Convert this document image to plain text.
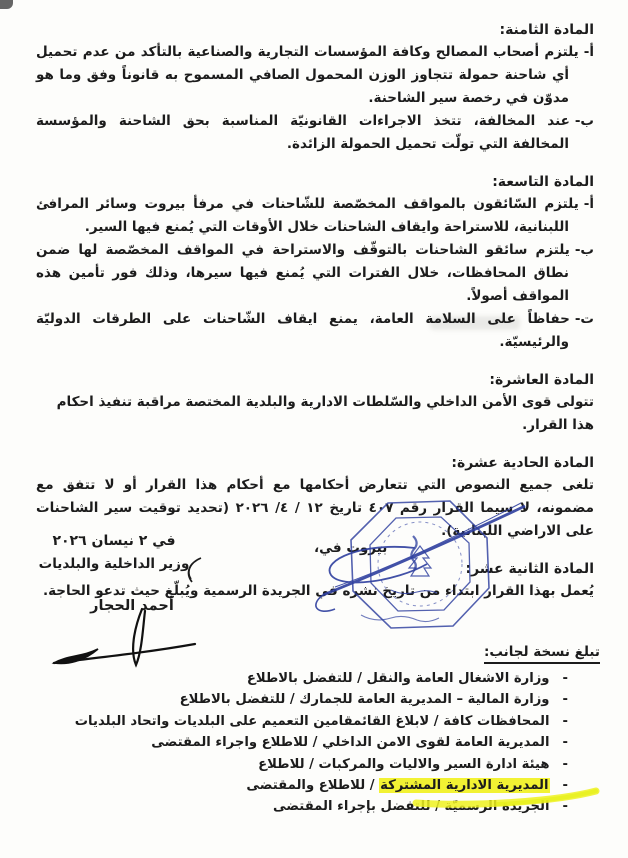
المادة الثامنة:

أ-يلتزم أصحاب المصالح وكافة المؤسسات التجارية والصناعية بالتأكد من عدم تحميل أي شاحنة حمولة تتجاوز الوزن المحمول الصافي المسموح به قانوناً وفق وما هو مدوّن في رخصة سير الشاحنة.

ب-عند المخالفة، تتخذ الاجراءات القانونيّة المناسبة بحق الشاحنة والمؤسسة المخالفة التي تولّت تحميل الحمولة الزائدة.

المادة التاسعة:

أ-يلتزم السّائقون بالمواقف المخصّصة للشّاحنات في مرفأ بيروت وسائر المرافئ اللبنانية، للاستراحة وايقاف الشاحنات خلال الأوقات التي يُمنع فيها السير.

ب-يلتزم سائقو الشاحنات بالتوقّف والاستراحة في المواقف المخصّصة لها ضمن نطاق المحافظات، خلال الفترات التي يُمنع فيها سيرها، وذلك فور تأمين هذه المواقف أصولاً.

ت-حفاظاً على السلامة العامة، يمنع ايقاف الشّاحنات على الطرقات الدوليّة والرئيسيّة.

المادة العاشرة:

تتولى قوى الأمن الداخلي والسّلطات الادارية والبلدية المختصة مراقبة تنفيذ احكام هذا القرار.

المادة الحادية عشرة:

تلغى جميع النصوص التي تتعارض أحكامها مع أحكام هذا القرار أو لا تتفق مع مضمونه، لا سيما القرار رقم ٤٠٧ تاريخ ١٢ / ٤/ ٢٠٢٦ (تحديد توقيت سير الشاحنات على الاراضي اللبنانية).

المادة الثانية عشر:

يُعمل بهذا القرار ابتداء من تاريخ نشره في الجريدة الرسمية ويُبلّغ حيث تدعو الحاجة.

بيروت في،
في ٢ نيسان ٢٠٢٦
وزير الداخلية والبلديات
أحمد الحجار
تبلغ نسخة لجانب:
-
وزارة الاشغال العامة والنقل / للتفضل بالاطلاع
-
وزارة المالية – المديرية العامة للجمارك / للتفضل بالاطلاع
-
المحافظات كافة / لابلاغ القائمقامين التعميم على البلديات واتحاد البلديات
-
المديرية العامة لقوى الامن الداخلي / للاطلاع واجراء المقتضى
-
هيئة ادارة السير والاليات والمركبات / للاطلاع
-
المديرية الادارية المشتركة / للاطلاع والمقتضى
-
الجريدة الرسميّة / للتفضل بإجراء المقتضى
